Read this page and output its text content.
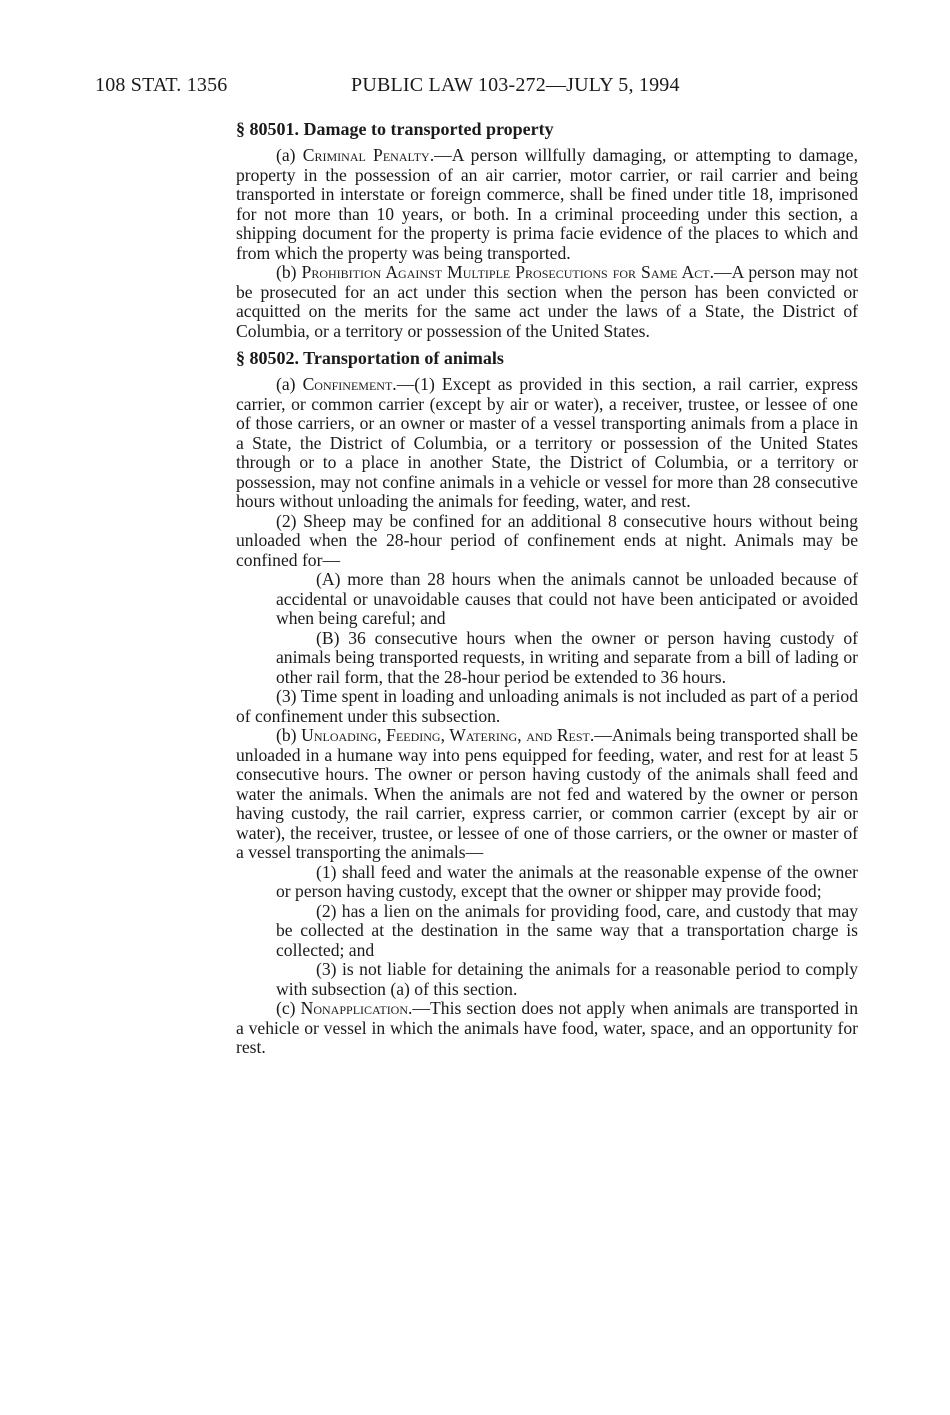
108 STAT. 1356	PUBLIC LAW 103-272—JULY 5, 1994
§ 80501. Damage to transported property

(a) Criminal Penalty.—A person willfully damaging, or attempting to damage, property in the possession of an air carrier, motor carrier, or rail carrier and being transported in interstate or foreign commerce, shall be fined under title 18, imprisoned for not more than 10 years, or both. In a criminal proceeding under this section, a shipping document for the property is prima facie evidence of the places to which and from which the property was being transported.

(b) Prohibition Against Multiple Prosecutions for Same Act.—A person may not be prosecuted for an act under this section when the person has been convicted or acquitted on the merits for the same act under the laws of a State, the District of Columbia, or a territory or possession of the United States.

§ 80502. Transportation of animals

(a) Confinement.—(1) Except as provided in this section, a rail carrier, express carrier, or common carrier (except by air or water), a receiver, trustee, or lessee of one of those carriers, or an owner or master of a vessel transporting animals from a place in a State, the District of Columbia, or a territory or possession of the United States through or to a place in another State, the District of Columbia, or a territory or possession, may not confine animals in a vehicle or vessel for more than 28 consecutive hours without unloading the animals for feeding, water, and rest.

(2) Sheep may be confined for an additional 8 consecutive hours without being unloaded when the 28-hour period of confinement ends at night. Animals may be confined for—

(A) more than 28 hours when the animals cannot be unloaded because of accidental or unavoidable causes that could not have been anticipated or avoided when being careful; and

(B) 36 consecutive hours when the owner or person having custody of animals being transported requests, in writing and separate from a bill of lading or other rail form, that the 28-hour period be extended to 36 hours.

(3) Time spent in loading and unloading animals is not included as part of a period of confinement under this subsection.

(b) Unloading, Feeding, Watering, and Rest.—Animals being transported shall be unloaded in a humane way into pens equipped for feeding, water, and rest for at least 5 consecutive hours. The owner or person having custody of the animals shall feed and water the animals. When the animals are not fed and watered by the owner or person having custody, the rail carrier, express carrier, or common carrier (except by air or water), the receiver, trustee, or lessee of one of those carriers, or the owner or master of a vessel transporting the animals—

(1) shall feed and water the animals at the reasonable expense of the owner or person having custody, except that the owner or shipper may provide food;

(2) has a lien on the animals for providing food, care, and custody that may be collected at the destination in the same way that a transportation charge is collected; and

(3) is not liable for detaining the animals for a reasonable period to comply with subsection (a) of this section.

(c) Nonapplication.—This section does not apply when animals are transported in a vehicle or vessel in which the animals have food, water, space, and an opportunity for rest.
